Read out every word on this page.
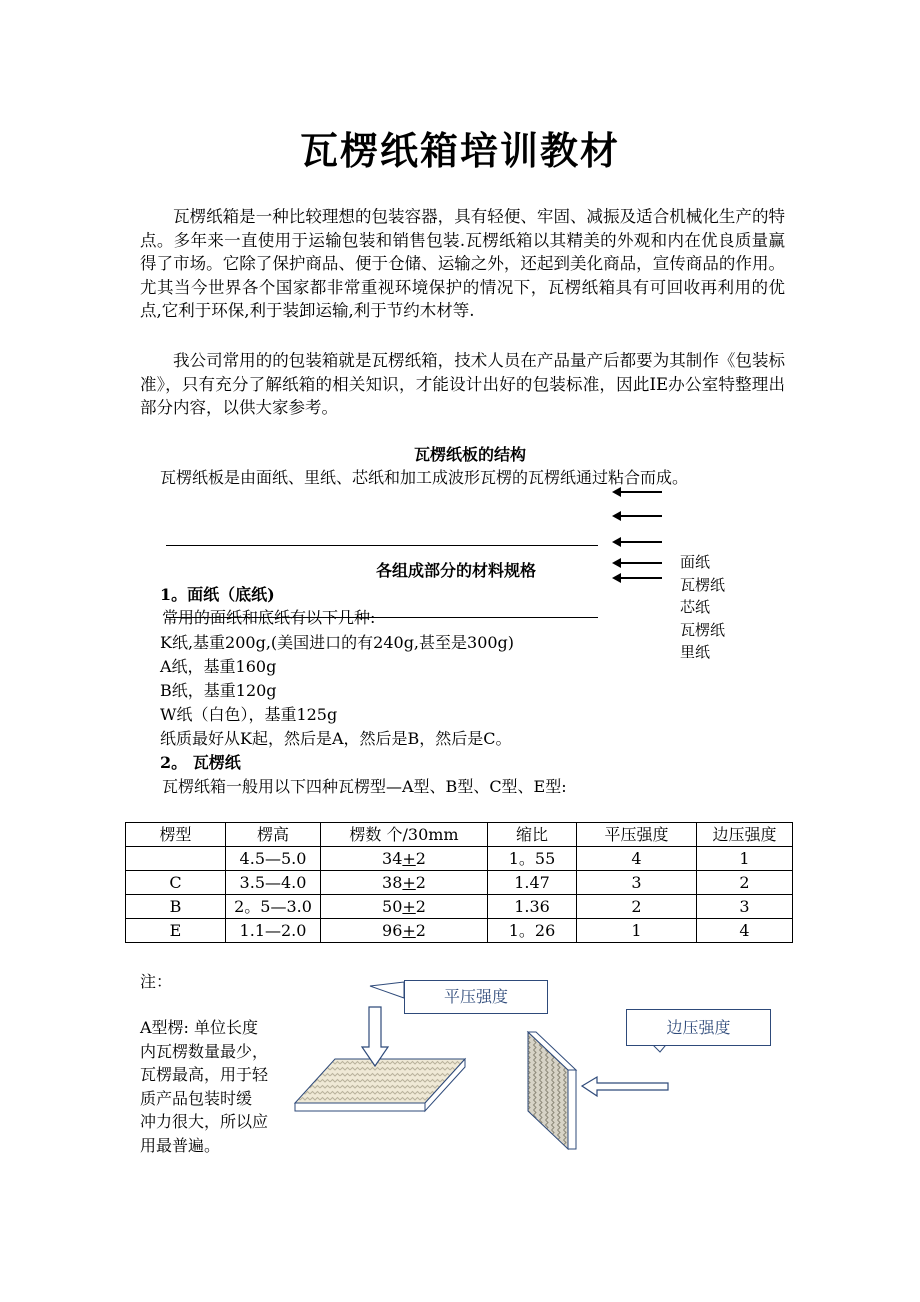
瓦楞纸箱培训教材

瓦楞纸箱是一种比较理想的包装容器，具有轻便、牢固、减振及适合机械化生产的特点。多年来一直使用于运输包装和销售包装.瓦楞纸箱以其精美的外观和内在优良质量赢得了市场。它除了保护商品、便于仓储、运输之外，还起到美化商品，宣传商品的作用。尤其当今世界各个国家都非常重视环境保护的情况下，瓦楞纸箱具有可回收再利用的优点,它利于环保,利于装卸运输,利于节约木材等.

我公司常用的的包装箱就是瓦楞纸箱，技术人员在产品量产后都要为其制作《包装标准》，只有充分了解纸箱的相关知识，才能设计出好的包装标准，因此IE办公室特整理出部分内容，以供大家参考。

瓦楞纸板的结构
瓦楞纸板是由面纸、里纸、芯纸和加工成波形瓦楞的瓦楞纸通过粘合而成。
面纸
瓦楞纸
芯纸
瓦楞纸
里纸
各组成部分的材料规格
1。面纸（底纸)
常用的面纸和底纸有以下几种:
K纸,基重200g,(美国进口的有240g,甚至是300g)
A纸，基重160g
B纸，基重120g
W纸（白色），基重125g
纸质最好从K起，然后是A，然后是B，然后是C。
2。 瓦楞纸
瓦楞纸箱一般用以下四种瓦楞型—A型、B型、C型、E型:
楞型	楞高	楞数 个/30mm	缩比	平压强度	边压强度
	4.5—5.0	34+2	1。55	4	1
C	3.5—4.0	38+2	1.47	3	2
B	2。5—3.0	50+2	1.36	2	3
E	1.1—2.0	96+2	1。26	1	4
注：
A型楞: 单位长度
内瓦楞数量最少，
瓦楞最高，用于轻
质产品包装时缓
冲力很大，所以应
用最普遍。
平压强度
边压强度
